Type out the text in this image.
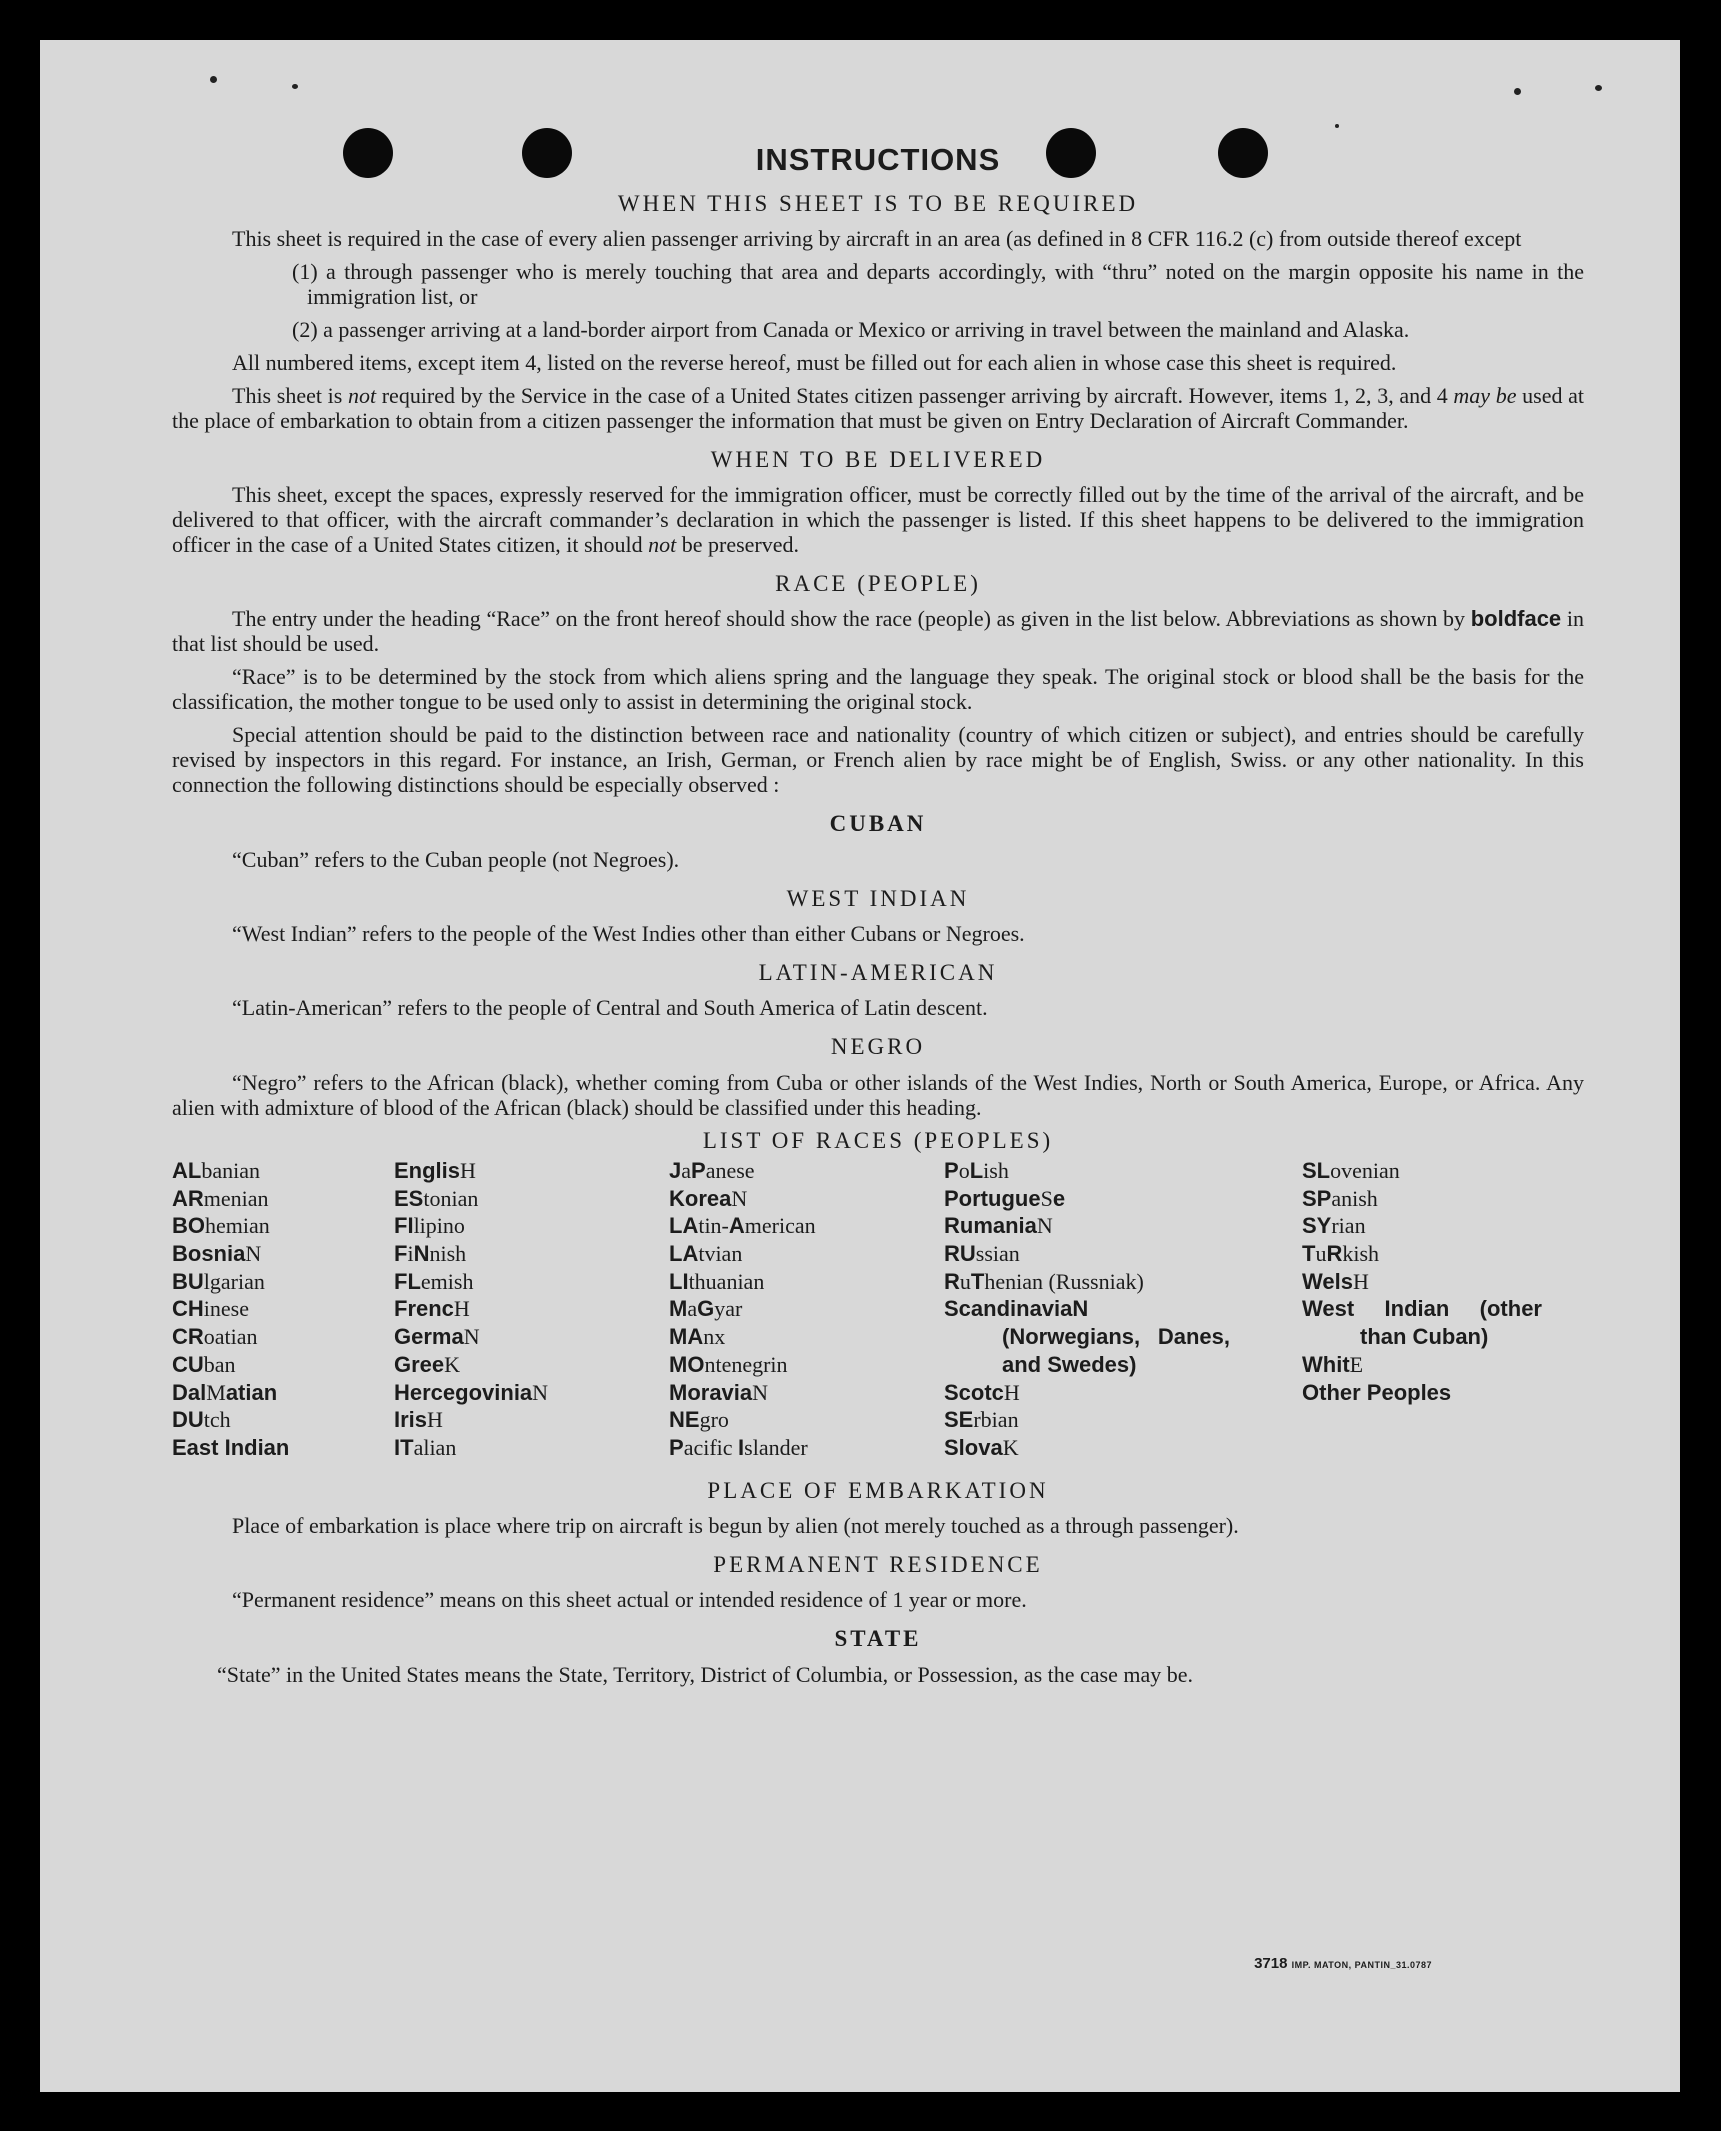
INSTRUCTIONS
WHEN THIS SHEET IS TO BE REQUIRED

This sheet is required in the case of every alien passenger arriving by aircraft in an area (as defined in 8 CFR 116.2 (c) from outside thereof except

(1) a through passenger who is merely touching that area and departs accordingly, with “thru” noted on the margin opposite his name in the immigration list, or
(2) a passenger arriving at a land-border airport from Canada or Mexico or arriving in travel between the mainland and Alaska.

All numbered items, except item 4, listed on the reverse hereof, must be filled out for each alien in whose case this sheet is required.

This sheet is not required by the Service in the case of a United States citizen passenger arriving by aircraft. However, items 1, 2, 3, and 4 may be used at the place of embarkation to obtain from a citizen passenger the information that must be given on Entry Declaration of Aircraft Commander.

WHEN TO BE DELIVERED

This sheet, except the spaces, expressly reserved for the immigration officer, must be correctly filled out by the time of the arrival of the aircraft, and be delivered to that officer, with the aircraft commander’s declaration in which the passenger is listed. If this sheet happens to be delivered to the immigration officer in the case of a United States citizen, it should not be preserved.

RACE (PEOPLE)

The entry under the heading “Race” on the front hereof should show the race (people) as given in the list below. Abbreviations as shown by boldface in that list should be used.

“Race” is to be determined by the stock from which aliens spring and the language they speak. The original stock or blood shall be the basis for the classification, the mother tongue to be used only to assist in determining the original stock.

Special attention should be paid to the distinction between race and nationality (country of which citizen or subject), and entries should be carefully revised by inspectors in this regard. For instance, an Irish, German, or French alien by race might be of English, Swiss. or any other nationality. In this connection the following distinctions should be especially observed :

CUBAN

“Cuban” refers to the Cuban people (not Negroes).

WEST INDIAN

“West Indian” refers to the people of the West Indies other than either Cubans or Negroes.

LATIN-AMERICAN

“Latin-American” refers to the people of Central and South America of Latin descent.

NEGRO

“Negro” refers to the African (black), whether coming from Cuba or other islands of the West Indies, North or South America, Europe, or Africa. Any alien with admixture of blood of the African (black) should be classified under this heading.

LIST OF RACES (PEOPLES)
ALbanian
ARmenian
BOhemian
BosniaN
BUlgarian
CHinese
CRoatian
CUban
DalMatian
DUtch
East Indian
EnglisH
EStonian
FIlipino
FiNnish
FLemish
FrencH
GermaN
GreeK
HercegoviniaN
IrisH
ITalian
JaPanese
KoreaN
LAtin-American
LAtvian
LIthuanian
MaGyar
MAnx
MOntenegrin
MoraviaN
NEgro
Pacific Islander
PoLish
PortugueSe
RumaniaN
RUssian
RuThenian (Russniak)
ScandinaviaN (Norwegians, Danes, and Swedes)
ScotcH
SErbian
SlovaK
SLovenian
SPanish
SYrian
TuRkish
WelsH
West Indian (other than Cuban)
WhitE
Other Peoples
PLACE OF EMBARKATION

Place of embarkation is place where trip on aircraft is begun by alien (not merely touched as a through passenger).

PERMANENT RESIDENCE

“Permanent residence” means on this sheet actual or intended residence of 1 year or more.

STATE

“State” in the United States means the State, Territory, District of Columbia, or Possession, as the case may be.

3718 IMP. MATON, PANTIN_31.0787
